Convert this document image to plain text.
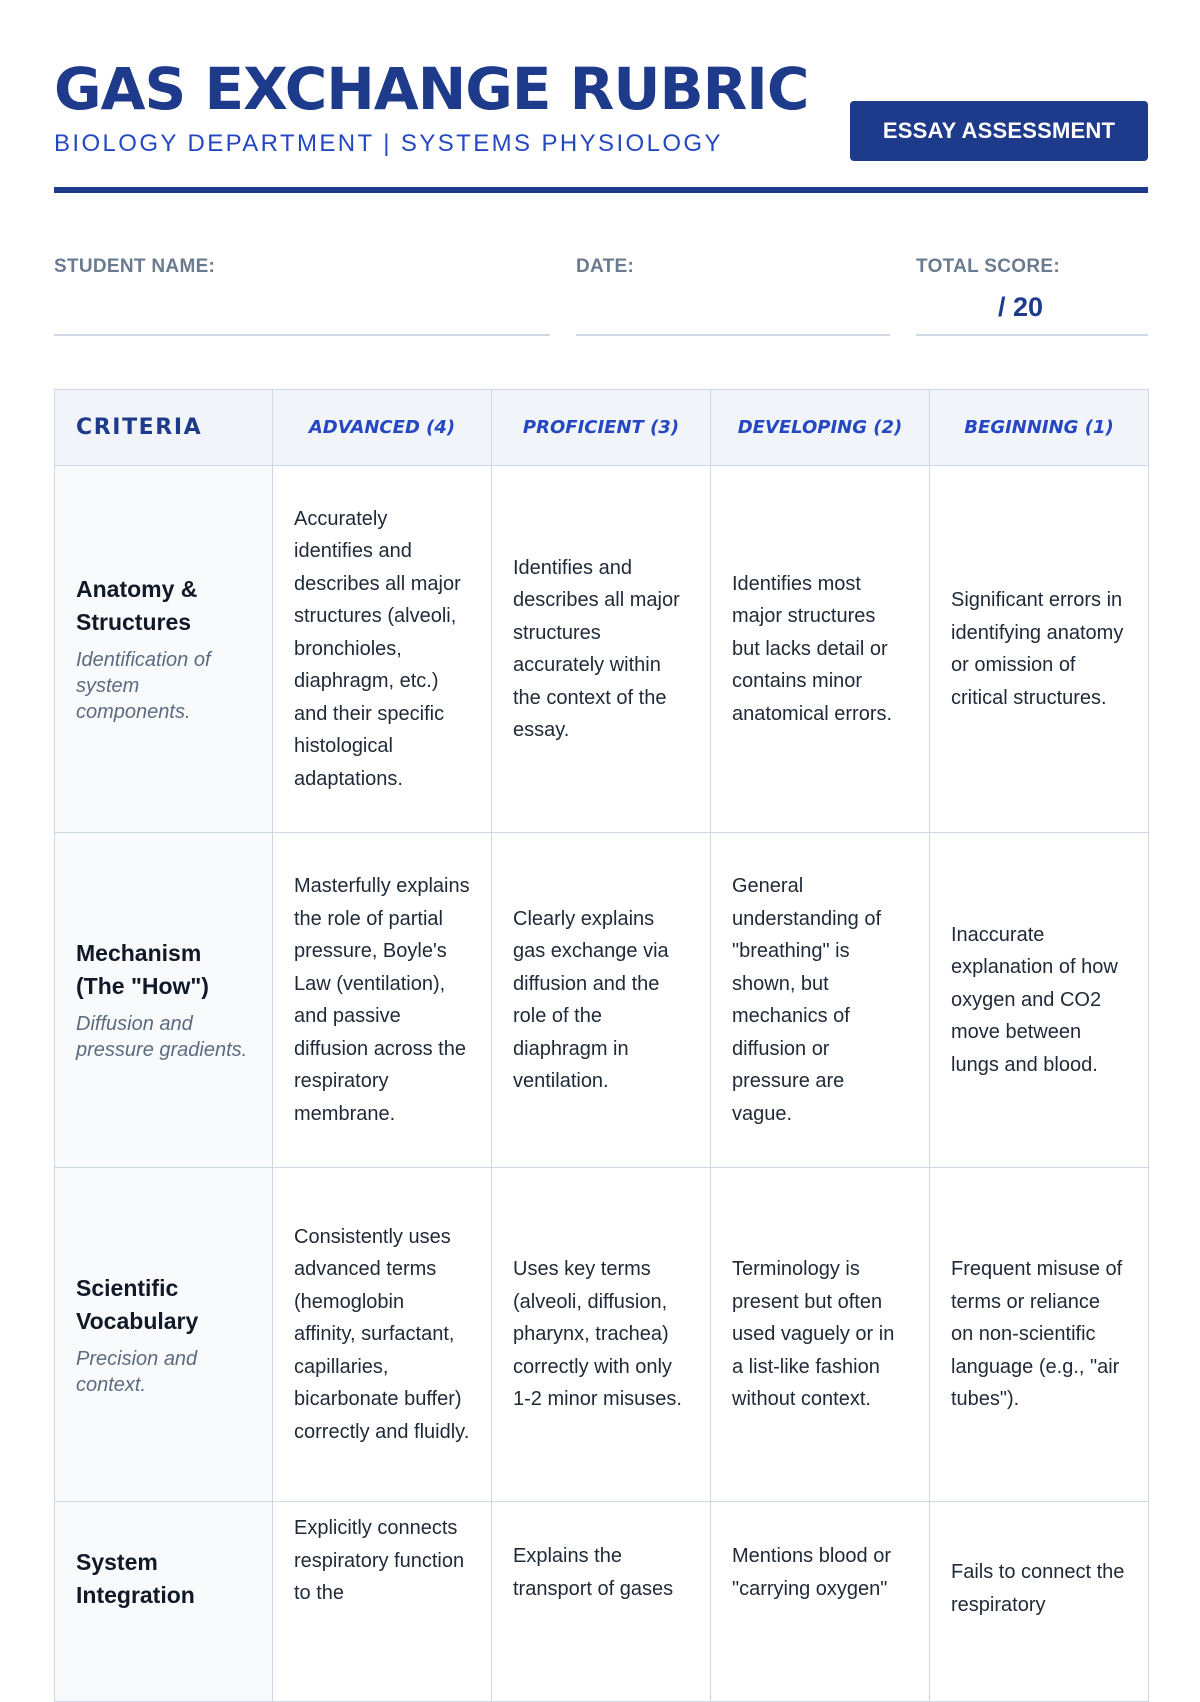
GAS EXCHANGE RUBRIC
BIOLOGY DEPARTMENT | SYSTEMS PHYSIOLOGY	ESSAY ASSESSMENT
STUDENT NAME:	DATE:	TOTAL SCORE:
/ 20
CRITERIA	ADVANCED (4)	PROFICIENT (3)	DEVELOPING (2)	BEGINNING (1)

Anatomy & Structures
Identification of system components.	Accurately identifies and describes all major structures (alveoli, bronchioles, diaphragm, etc.) and their specific histological adaptations.	Identifies and describes all major structures accurately within the context of the essay.	Identifies most major structures but lacks detail or contains minor anatomical errors.	Significant errors in identifying anatomy or omission of critical structures.

Mechanism (The "How")
Diffusion and pressure gradients.	Masterfully explains the role of partial pressure, Boyle's Law (ventilation), and passive diffusion across the respiratory membrane.	Clearly explains gas exchange via diffusion and the role of the diaphragm in ventilation.	General understanding of "breathing" is shown, but mechanics of diffusion or pressure are vague.	Inaccurate explanation of how oxygen and CO2 move between lungs and blood.

Scientific Vocabulary
Precision and context.	Consistently uses advanced terms (hemoglobin affinity, surfactant, capillaries, bicarbonate buffer) correctly and fluidly.	Uses key terms (alveoli, diffusion, pharynx, trachea) correctly with only 1-2 minor misuses.	Terminology is present but often used vaguely or in a list-like fashion without context.	Frequent misuse of terms or reliance on non-scientific language (e.g., "air tubes").

System Integration	Explicitly connects respiratory function to the	Explains the transport of gases	Mentions blood or "carrying oxygen"	Fails to connect the respiratory
